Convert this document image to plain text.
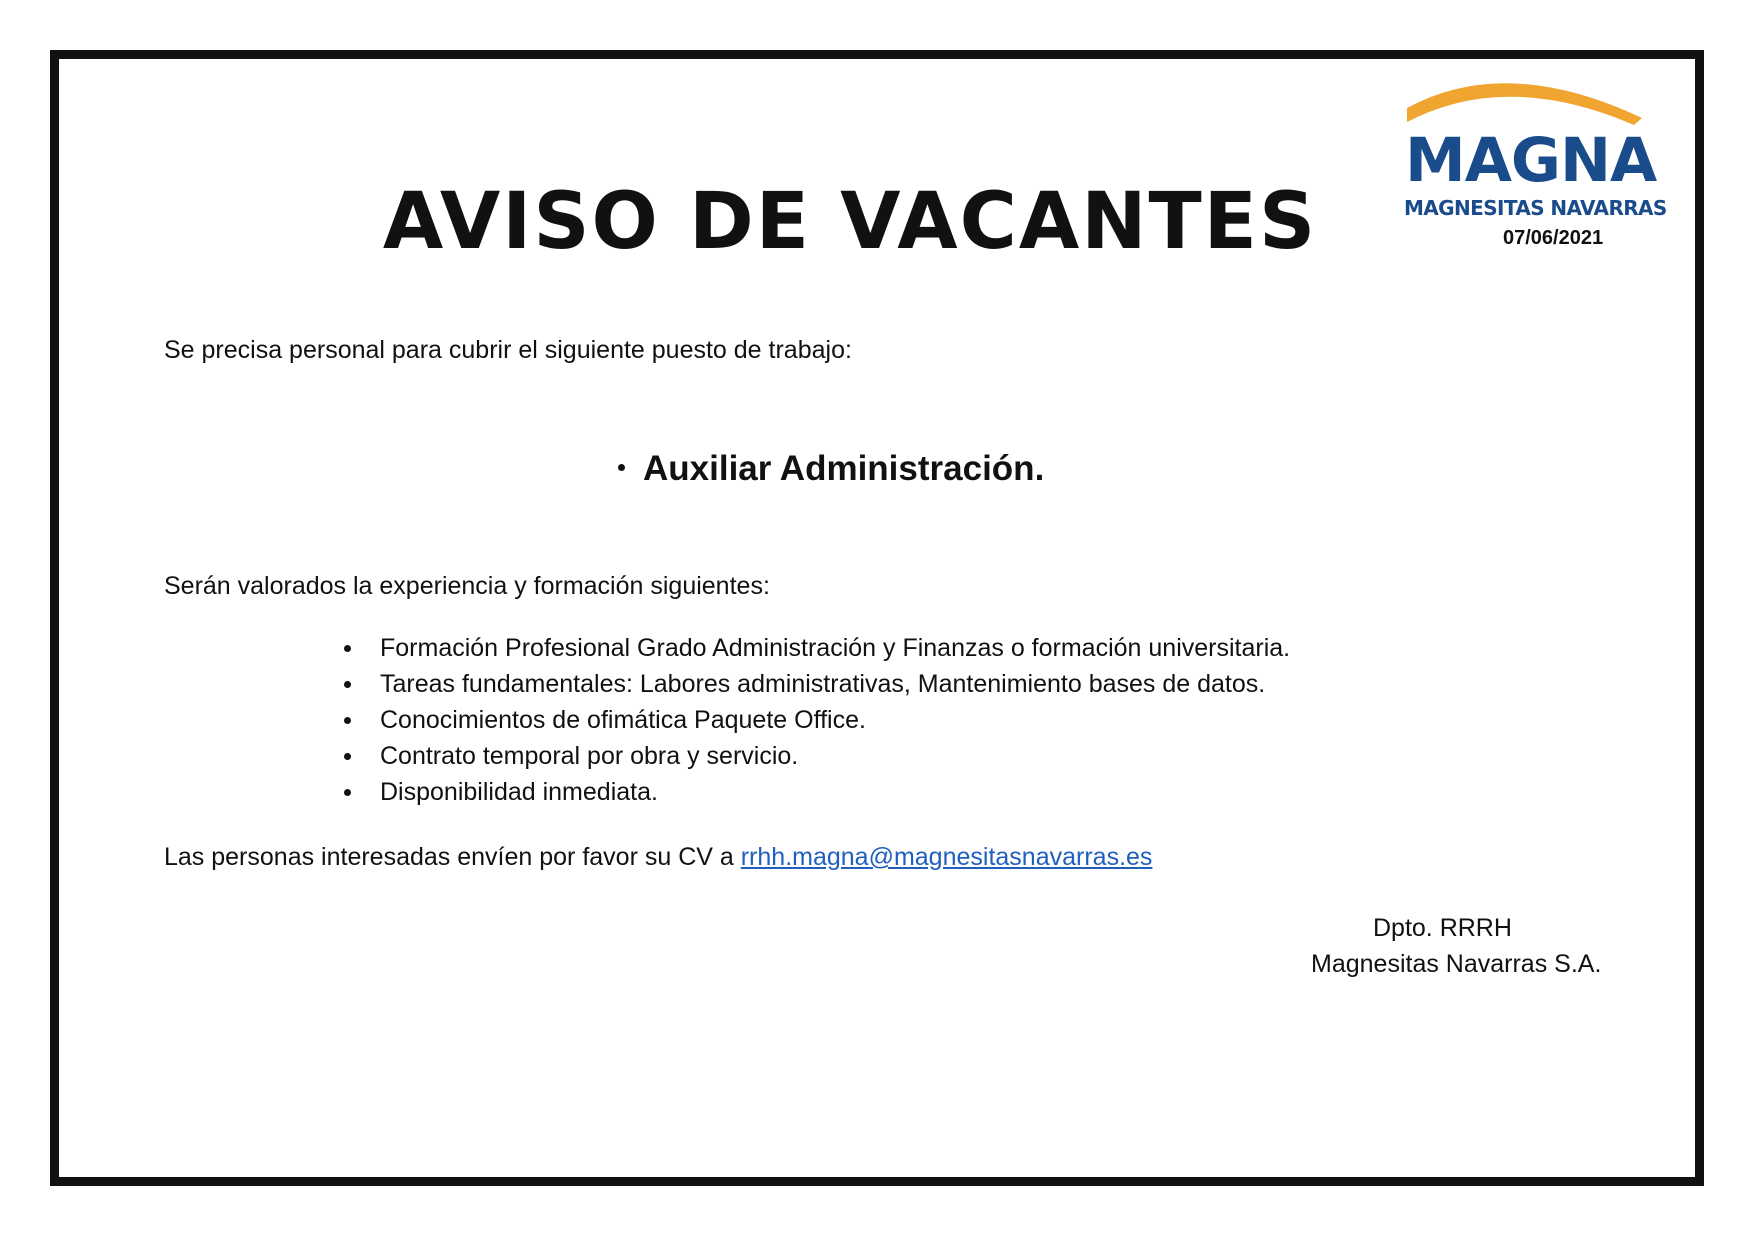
MAGNA
MAGNESITAS NAVARRAS
07/06/2021
AVISO DE VACANTES
Se precisa personal para cubrir el siguiente puesto de trabajo:
Auxiliar Administración.
Serán valorados la experiencia y formación siguientes:
Formación Profesional Grado Administración y Finanzas o formación universitaria.
Tareas fundamentales: Labores administrativas, Mantenimiento bases de datos.
Conocimientos de ofimática Paquete Office.
Contrato temporal por obra y servicio.
Disponibilidad inmediata.
Las personas interesadas envíen por favor su CV a rrhh.magna@magnesitasnavarras.es
Dpto. RRRH
Magnesitas Navarras S.A.
